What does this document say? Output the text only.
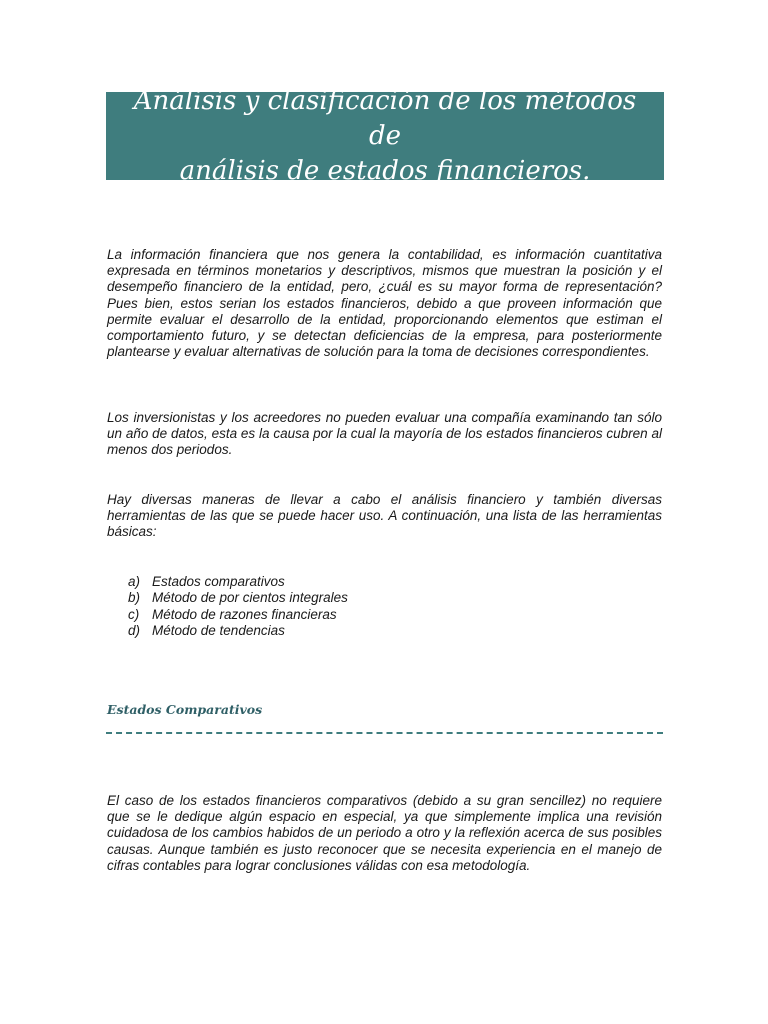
Análisis y clasificación de los métodos de
análisis de estados financieros.

La información financiera que nos genera la contabilidad, es información cuantitativa expresada en términos monetarios y descriptivos, mismos que muestran la posición y el desempeño financiero de la entidad, pero, ¿cuál es su mayor forma de representación? Pues bien, estos serian los estados financieros, debido a que proveen información que permite evaluar el desarrollo de la entidad, proporcionando elementos que estiman el comportamiento futuro, y se detectan deficiencias de la empresa, para posteriormente plantearse y evaluar alternativas de solución para la toma de decisiones correspondientes.

Los inversionistas y los acreedores no pueden evaluar una compañía examinando tan sólo un año de datos, esta es la causa por la cual la mayoría de los estados financieros cubren al menos dos periodos.

Hay diversas maneras de llevar a cabo el análisis financiero y también diversas herramientas de las que se puede hacer uso. A continuación, una lista de las herramientas básicas:

a) Estados comparativos
b) Método de por cientos integrales
c) Método de razones financieras
d) Método de tendencias
Estados Comparativos

El caso de los estados financieros comparativos (debido a su gran sencillez) no requiere que se le dedique algún espacio en especial, ya que simplemente implica una revisión cuidadosa de los cambios habidos de un periodo a otro y la reflexión acerca de sus posibles causas. Aunque también es justo reconocer que se necesita experiencia en el manejo de cifras contables para lograr conclusiones válidas con esa metodología.
